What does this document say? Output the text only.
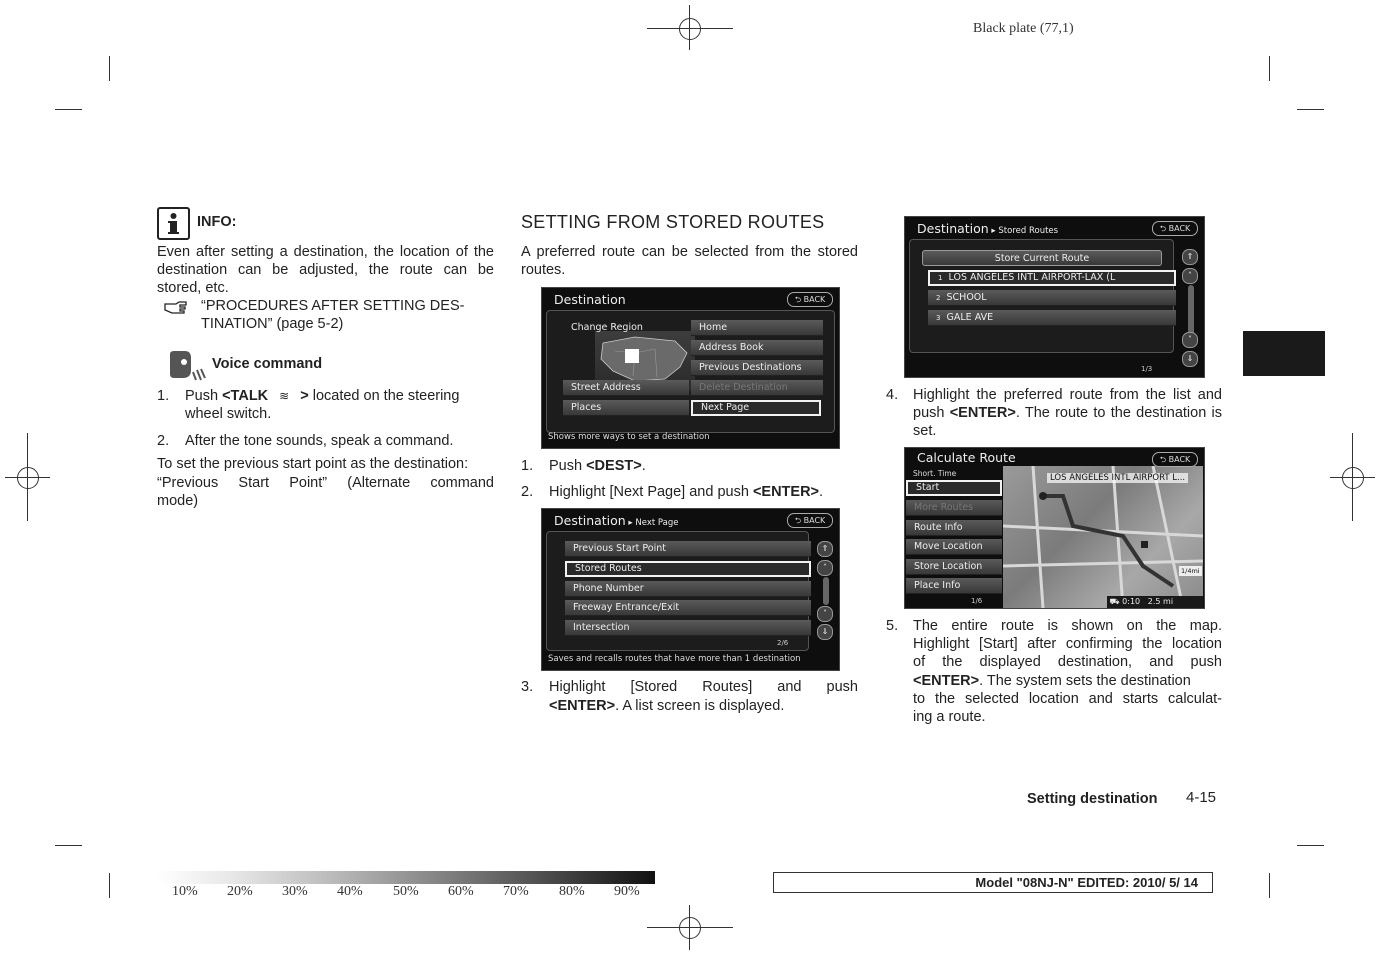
Black plate (77,1)
INFO:
Even after setting a destination, the location of the destination can be adjusted, the route can be stored, etc.
“PROCEDURES AFTER SETTING DES-
TINATION” (page 5-2)
Voice command
1. Push <TALK ≋ > located on the steering
wheel switch.
2. After the tone sounds, speak a command.
To set the previous start point as the destination:
“Previous Start Point” (Alternate command
mode)
SETTING FROM STORED ROUTES
A preferred route can be selected from the stored routes.
Destination	⮌ BACK
Change Region
Street Address
Places
Home
Address Book
Previous Destinations
Delete Destination
Next Page
Shows more ways to set a destination
1. Push <DEST>.
2. Highlight [Next Page] and push <ENTER>.
Destination ▸ Next Page	⮌ BACK
Previous Start Point
Stored Routes
Phone Number
Freeway Entrance/Exit
Intersection
⇑
˄
˅
⇓
2/6
Saves and recalls routes that have more than 1 destination
3. Highlight [Stored Routes] and push
<ENTER>. A list screen is displayed.
Destination ▸ Stored Routes	⮌ BACK
Store Current Route
1 LOS ANGELES INTL AIRPORT-LAX (L
2 SCHOOL
3 GALE AVE
⇑
˄
˅
⇓
1/3
4. Highlight the preferred route from the list and push <ENTER>. The route to the destination is set.
LOS ANGELES INTL AIRPORT L...
1/4mi
⛟ 0:10 2.5 mi
Calculate Route	⮌ BACK
Short. Time
Start
More Routes
Route Info
Move Location
Store Location
Place Info
1/6
5. The entire route is shown on the map.
Highlight [Start] after confirming the location
of the displayed destination, and push
<ENTER>. The system sets the destination
to the selected location and starts calculat-
ing a route.
Setting destination 4-15
10% 20% 30% 40% 50% 60% 70% 80% 90%
Model "08NJ-N" EDITED: 2010/ 5/ 14
